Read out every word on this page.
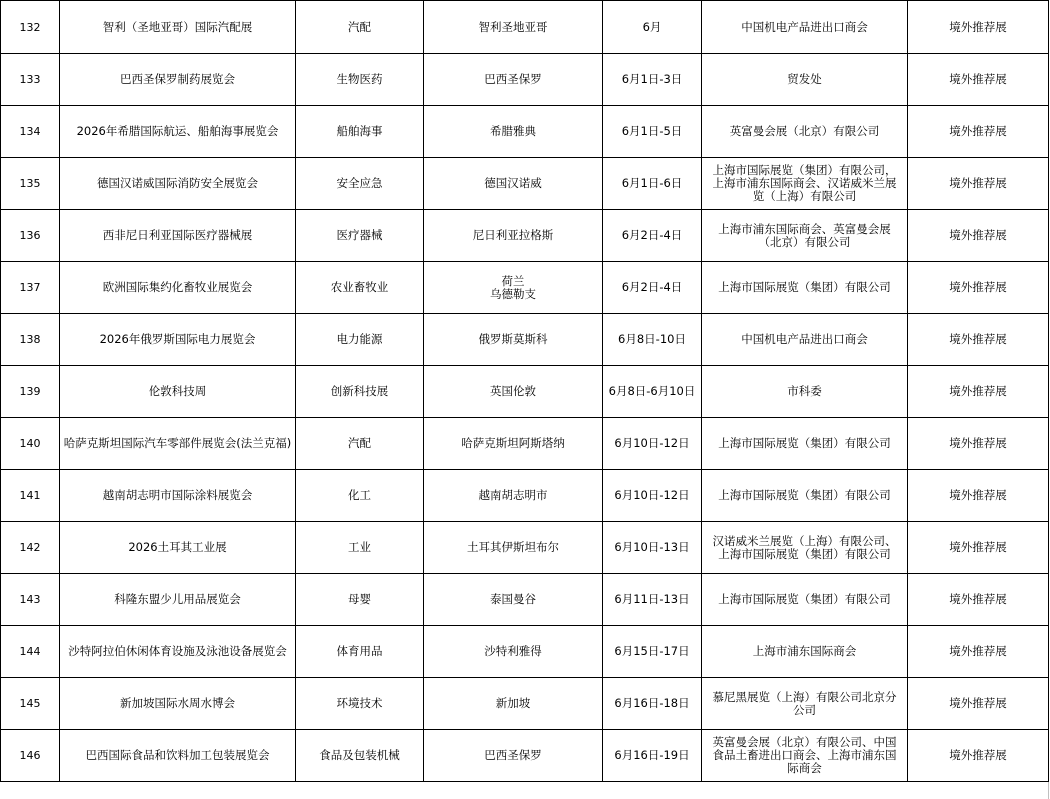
132	智利（圣地亚哥）国际汽配展	汽配	智利圣地亚哥	6月	中国机电产品进出口商会	境外推荐展
133	巴西圣保罗制药展览会	生物医药	巴西圣保罗	6月1日-3日	贸发处	境外推荐展
134	2026年希腊国际航运、船舶海事展览会	船舶海事	希腊雅典	6月1日-5日	英富曼会展（北京）有限公司	境外推荐展
135	德国汉诺威国际消防安全展览会	安全应急	德国汉诺威	6月1日-6日	上海市国际展览（集团）有限公司，
上海市浦东国际商会、汉诺威米兰展
览（上海）有限公司	境外推荐展
136	西非尼日利亚国际医疗器械展	医疗器械	尼日利亚拉格斯	6月2日-4日	上海市浦东国际商会、英富曼会展
（北京）有限公司	境外推荐展
137	欧洲国际集约化畜牧业展览会	农业畜牧业	荷兰
乌德勒支	6月2日-4日	上海市国际展览（集团）有限公司	境外推荐展
138	2026年俄罗斯国际电力展览会	电力能源	俄罗斯莫斯科	6月8日-10日	中国机电产品进出口商会	境外推荐展
139	伦敦科技周	创新科技展	英国伦敦	6月8日-6月10日	市科委	境外推荐展
140	哈萨克斯坦国际汽车零部件展览会(法兰克福)	汽配	哈萨克斯坦阿斯塔纳	6月10日-12日	上海市国际展览（集团）有限公司	境外推荐展
141	越南胡志明市国际涂料展览会	化工	越南胡志明市	6月10日-12日	上海市国际展览（集团）有限公司	境外推荐展
142	2026土耳其工业展	工业	土耳其伊斯坦布尔	6月10日-13日	汉诺威米兰展览（上海）有限公司、
上海市国际展览（集团）有限公司	境外推荐展
143	科隆东盟少儿用品展览会	母婴	泰国曼谷	6月11日-13日	上海市国际展览（集团）有限公司	境外推荐展
144	沙特阿拉伯休闲体育设施及泳池设备展览会	体育用品	沙特利雅得	6月15日-17日	上海市浦东国际商会	境外推荐展
145	新加坡国际水周水博会	环境技术	新加坡	6月16日-18日	慕尼黑展览（上海）有限公司北京分
公司	境外推荐展
146	巴西国际食品和饮料加工包装展览会	食品及包装机械	巴西圣保罗	6月16日-19日	英富曼会展（北京）有限公司、中国
食品土畜进出口商会、上海市浦东国
际商会	境外推荐展
